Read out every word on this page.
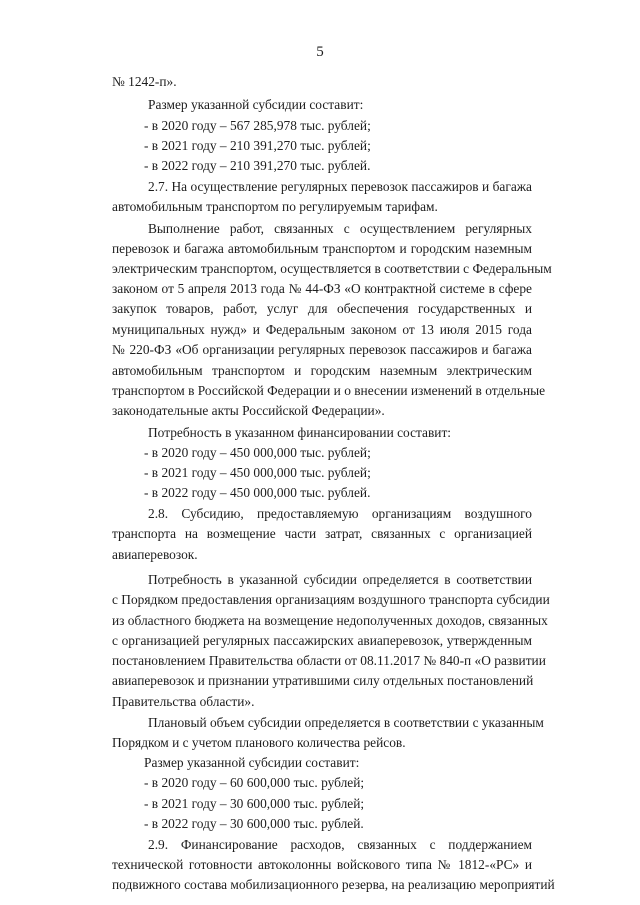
5
№ 1242-п».
Размер указанной субсидии составит:
- в 2020 году – 567 285,978 тыс. рублей;
- в 2021 году – 210 391,270 тыс. рублей;
- в 2022 году – 210 391,270 тыс. рублей.
2.7. На осуществление регулярных перевозок пассажиров и багажа
автомобильным транспортом по регулируемым тарифам.
Выполнение работ, связанных с осуществлением регулярных
перевозок и багажа автомобильным транспортом и городским наземным
электрическим транспортом, осуществляется в соответствии с Федеральным
законом от 5 апреля 2013 года № 44-ФЗ «О контрактной системе в сфере
закупок товаров, работ, услуг для обеспечения государственных и
муниципальных нужд» и Федеральным законом от 13 июля 2015 года
№ 220-ФЗ «Об организации регулярных перевозок пассажиров и багажа
автомобильным транспортом и городским наземным электрическим
транспортом в Российской Федерации и о внесении изменений в отдельные
законодательные акты Российской Федерации».
Потребность в указанном финансировании составит:
- в 2020 году – 450 000,000 тыс. рублей;
- в 2021 году – 450 000,000 тыс. рублей;
- в 2022 году – 450 000,000 тыс. рублей.
2.8. Субсидию, предоставляемую организациям воздушного
транспорта на возмещение части затрат, связанных с организацией
авиаперевозок.
Потребность в указанной субсидии определяется в соответствии
с Порядком предоставления организациям воздушного транспорта субсидии
из областного бюджета на возмещение недополученных доходов, связанных
с организацией регулярных пассажирских авиаперевозок, утвержденным
постановлением Правительства области от 08.11.2017 № 840-п «О развитии
авиаперевозок и признании утратившими силу отдельных постановлений
Правительства области».
Плановый объем субсидии определяется в соответствии с указанным
Порядком и с учетом планового количества рейсов.
Размер указанной субсидии составит:
- в 2020 году – 60 600,000 тыс. рублей;
- в 2021 году – 30 600,000 тыс. рублей;
- в 2022 году – 30 600,000 тыс. рублей.
2.9. Финансирование расходов, связанных с поддержанием
технической готовности автоколонны войскового типа № 1812-«РС» и
подвижного состава мобилизационного резерва, на реализацию мероприятий
